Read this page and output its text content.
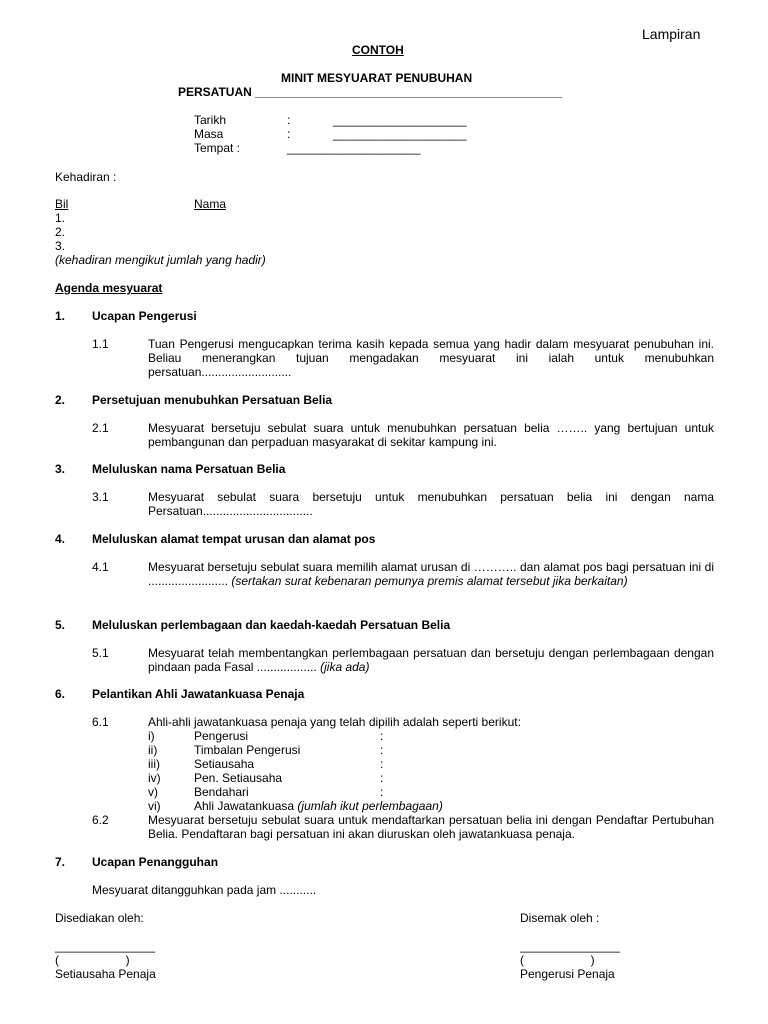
Lampiran
CONTOH
MINIT MESYUARAT PENUBUHAN
PERSATUAN ______________________________________________
Tarikh	:	____________________
Masa	:	____________________
Tempat :	____________________
Kehadiran :
Bil	Nama
1.
2.
3.
(kehadiran mengikut jumlah yang hadir)
Agenda mesyuarat
1. Ucapan Pengerusi
1.1	Tuan Pengerusi mengucapkan terima kasih kepada semua yang hadir dalam mesyuarat penubuhan ini. Beliau menerangkan tujuan mengadakan mesyuarat ini ialah untuk menubuhkan persatuan...........................
2. Persetujuan menubuhkan Persatuan Belia
2.1	Mesyuarat bersetuju sebulat suara untuk menubuhkan persatuan belia …….. yang bertujuan untuk pembangunan dan perpaduan masyarakat di sekitar kampung ini.
3. Meluluskan nama Persatuan Belia
3.1	Mesyuarat sebulat suara bersetuju untuk menubuhkan persatuan belia ini dengan nama Persatuan.................................
4. Meluluskan alamat tempat urusan dan alamat pos
4.1	Mesyuarat bersetuju sebulat suara memilih alamat urusan di ……….. dan alamat pos bagi persatuan ini di ........................ (sertakan surat kebenaran pemunya premis alamat tersebut jika berkaitan)
5. Meluluskan perlembagaan dan kaedah-kaedah Persatuan Belia
5.1	Mesyuarat telah membentangkan perlembagaan persatuan dan bersetuju dengan perlembagaan dengan pindaan pada Fasal .................. (jika ada)
6. Pelantikan Ahli Jawatankuasa Penaja
6.1	Ahli-ahli jawatankuasa penaja yang telah dipilih adalah seperti berikut:
i)	Pengerusi	:
ii)	Timbalan Pengerusi	:
iii)	Setiausaha	:
iv)	Pen. Setiausaha	:
v)	Bendahari	:
vi)	Ahli Jawatankuasa (jumlah ikut perlembagaan)
6.2	Mesyuarat bersetuju sebulat suara untuk mendaftarkan persatuan belia ini dengan Pendaftar Pertubuhan Belia. Pendaftaran bagi persatuan ini akan diuruskan oleh jawatankuasa penaja.
7. Ucapan Penangguhan
Mesyuarat ditangguhkan pada jam ...........
Disediakan oleh:
_______________
(                    )
Setiausaha Penaja
Disemak oleh :
_______________
(                    )
Pengerusi Penaja
